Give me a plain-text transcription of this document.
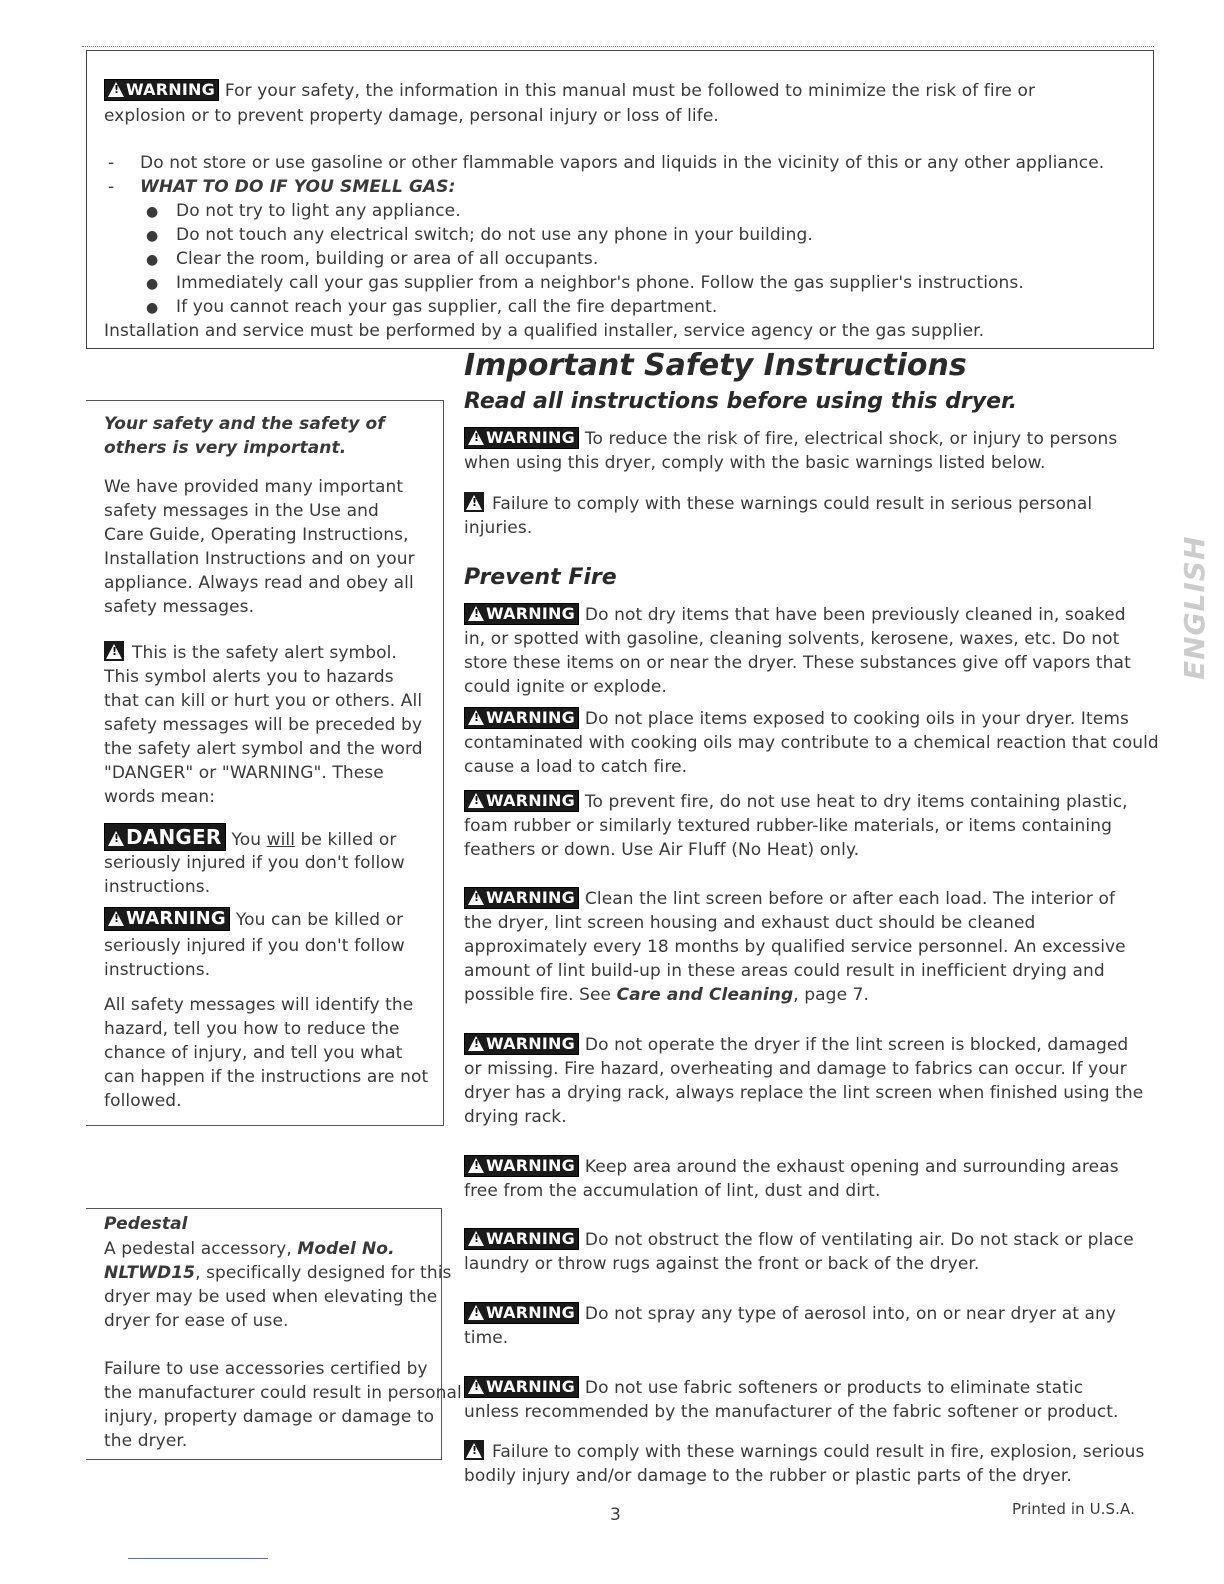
!WARNING For your safety, the information in this manual must be followed to minimize the risk of fire or
explosion or to prevent property damage, personal injury or loss of life.
- Do not store or use gasoline or other flammable vapors and liquids in the vicinity of this or any other appliance.
- WHAT TO DO IF YOU SMELL GAS:
● Do not try to light any appliance.
● Do not touch any electrical switch; do not use any phone in your building.
● Clear the room, building or area of all occupants.
● Immediately call your gas supplier from a neighbor's phone. Follow the gas supplier's instructions.
● If you cannot reach your gas supplier, call the fire department.
Installation and service must be performed by a qualified installer, service agency or the gas supplier.
Your safety and the safety of
others is very important.
We have provided many important
safety messages in the Use and
Care Guide, Operating Instructions,
Installation Instructions and on your
appliance. Always read and obey all
safety messages.
!
This is the safety alert symbol.
This symbol alerts you to hazards
that can kill or hurt you or others. All
safety messages will be preceded by
the safety alert symbol and the word
"DANGER" or "WARNING". These
words mean:
!DANGER You will be killed or
seriously injured if you don't follow
instructions.
!WARNING You can be killed or
seriously injured if you don't follow
instructions.
All safety messages will identify the
hazard, tell you how to reduce the
chance of injury, and tell you what
can happen if the instructions are not
followed.
Pedestal
A pedestal accessory, Model No.
NLTWD15, specifically designed for this
dryer may be used when elevating the
dryer for ease of use.
Failure to use accessories certified by
the manufacturer could result in personal
injury, property damage or damage to
the dryer.
Important Safety Instructions
Read all instructions before using this dryer.
!WARNING To reduce the risk of fire, electrical shock, or injury to persons
when using this dryer, comply with the basic warnings listed below.
!
Failure to comply with these warnings could result in serious personal
injuries.
Prevent Fire
!WARNING Do not dry items that have been previously cleaned in, soaked
in, or spotted with gasoline, cleaning solvents, kerosene, waxes, etc. Do not
store these items on or near the dryer. These substances give off vapors that
could ignite or explode.
!WARNING Do not place items exposed to cooking oils in your dryer. Items
contaminated with cooking oils may contribute to a chemical reaction that could
cause a load to catch fire.
!WARNING To prevent fire, do not use heat to dry items containing plastic,
foam rubber or similarly textured rubber-like materials, or items containing
feathers or down. Use Air Fluff (No Heat) only.
!WARNING Clean the lint screen before or after each load. The interior of
the dryer, lint screen housing and exhaust duct should be cleaned
approximately every 18 months by qualified service personnel. An excessive
amount of lint build-up in these areas could result in inefficient drying and
possible fire. See Care and Cleaning, page 7.
!WARNING Do not operate the dryer if the lint screen is blocked, damaged
or missing. Fire hazard, overheating and damage to fabrics can occur. If your
dryer has a drying rack, always replace the lint screen when finished using the
drying rack.
!WARNING Keep area around the exhaust opening and surrounding areas
free from the accumulation of lint, dust and dirt.
!WARNING Do not obstruct the flow of ventilating air. Do not stack or place
laundry or throw rugs against the front or back of the dryer.
!WARNING Do not spray any type of aerosol into, on or near dryer at any
time.
!WARNING Do not use fabric softeners or products to eliminate static
unless recommended by the manufacturer of the fabric softener or product.
!
Failure to comply with these warnings could result in fire, explosion, serious
bodily injury and/or damage to the rubber or plastic parts of the dryer.
3	Printed in U.S.A.
ENGLISH
